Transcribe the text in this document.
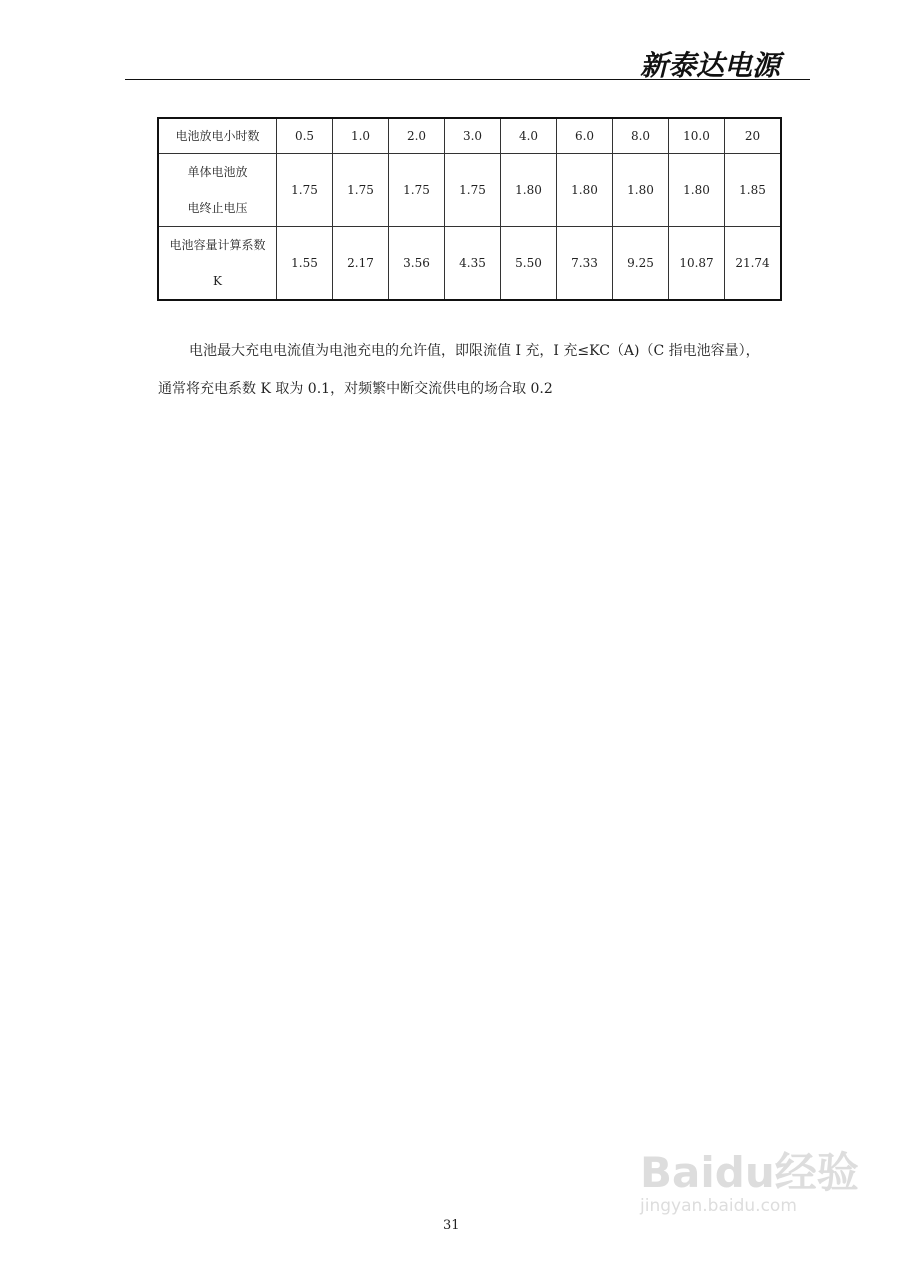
新泰达电源
电池放电小时数	0.5	1.0	2.0	3.0	4.0	6.0	8.0	10.0	20

单体电池放
电终止电压	1.75	1.75	1.75	1.75	1.80	1.80	1.80	1.80	1.85

电池容量计算系数
K	1.55	2.17	3.56	4.35	5.50	7.33	9.25	10.87	21.74
电池最大充电电流值为电池充电的允许值，即限流值 I 充，I 充≤KC（A)（C 指电池容量），
通常将充电系数 K 取为 0.1，对频繁中断交流供电的场合取 0.2
Baidu经验
jingyan.baidu.com
31
